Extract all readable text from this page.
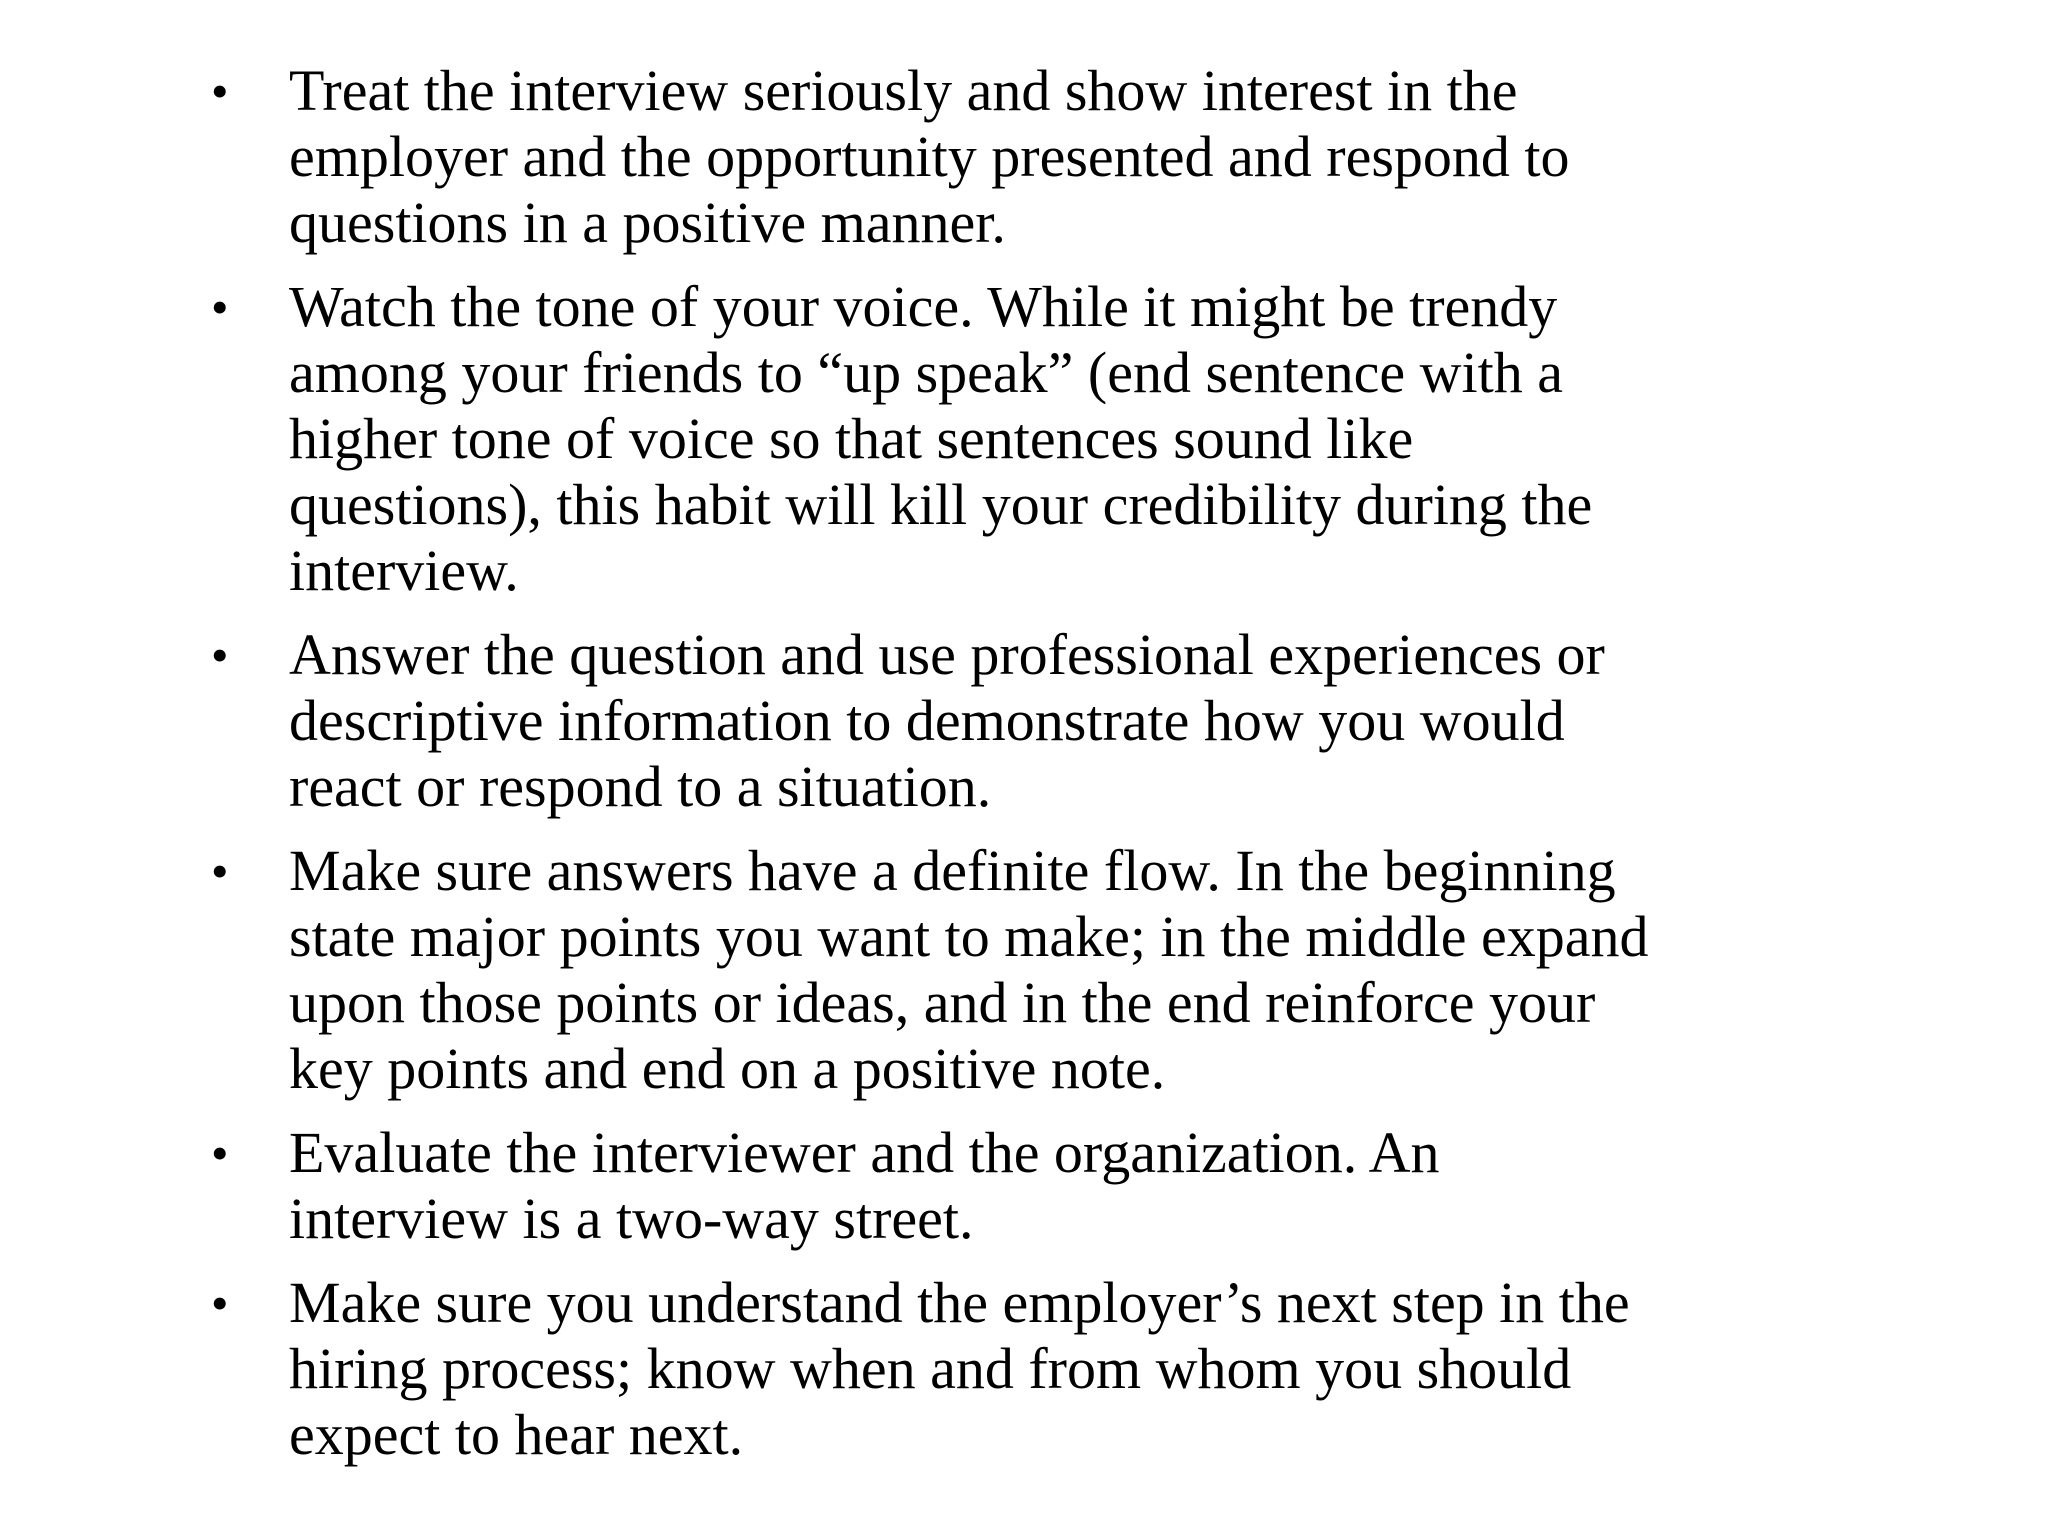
• Treat the interview seriously and show interest in the
employer and the opportunity presented and respond to
questions in a positive manner.
• Watch the tone of your voice. While it might be trendy
among your friends to “up speak” (end sentence with a
higher tone of voice so that sentences sound like
questions), this habit will kill your credibility during the
interview.
• Answer the question and use professional experiences or
descriptive information to demonstrate how you would
react or respond to a situation.
• Make sure answers have a definite flow. In the beginning
state major points you want to make; in the middle expand
upon those points or ideas, and in the end reinforce your
key points and end on a positive note.
• Evaluate the interviewer and the organization. An
interview is a two-way street.
• Make sure you understand the employer’s next step in the
hiring process; know when and from whom you should
expect to hear next.
